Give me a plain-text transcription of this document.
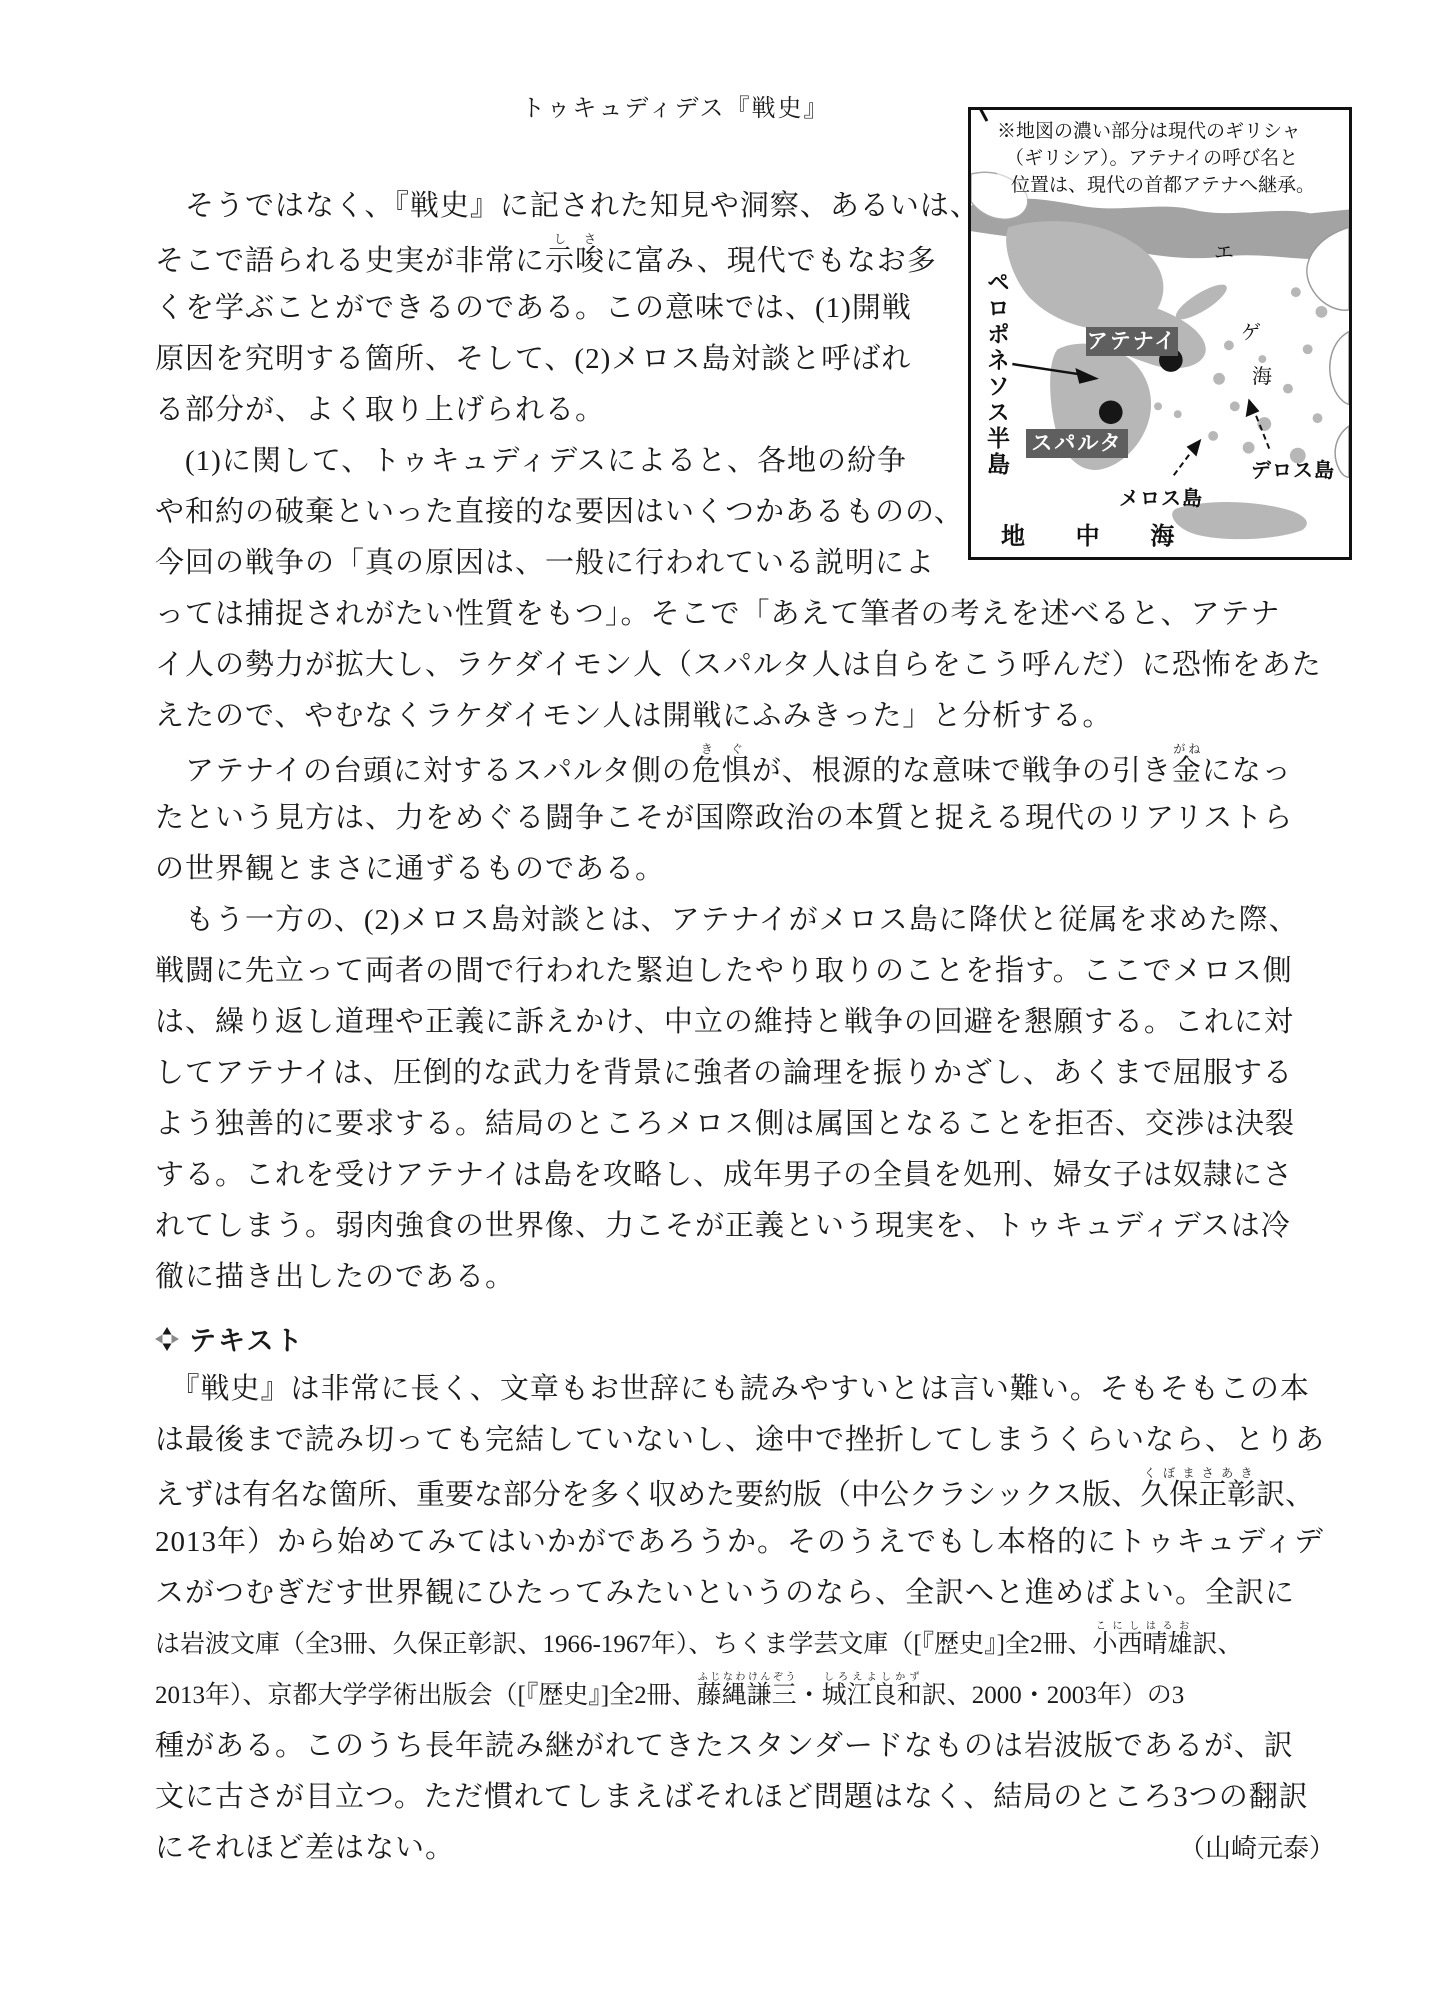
トゥキュディデス『戦史』
※地図の濃い部分は現代のギリシャ
（ギリシア）。アテナイの呼び名と
位置は、現代の首都アテナへ継承。
ペロポネソス半島	アテナイ
スパルタ
メロス島
デロス島
地 中 海
エ
ゲ
海
　そうではなく、『戦史』に記された知見や洞察、あるいは、
そこで語られる史実が非常に示唆しさに富み、現代でもなお多
くを学ぶことができるのである。この意味では、(1)開戦
原因を究明する箇所、そして、(2)メロス島対談と呼ばれ
る部分が、よく取り上げられる。
　(1)に関して、トゥキュディデスによると、各地の紛争
や和約の破棄といった直接的な要因はいくつかあるものの、
今回の戦争の「真の原因は、一般に行われている説明によ
っては捕捉されがたい性質をもつ」。そこで「あえて筆者の考えを述べると、アテナ
イ人の勢力が拡大し、ラケダイモン人（スパルタ人は自らをこう呼んだ）に恐怖をあた
えたので、やむなくラケダイモン人は開戦にふみきった」と分析する。
　アテナイの台頭に対するスパルタ側の危惧きぐが、根源的な意味で戦争の引き金がねになっ
たという見方は、力をめぐる闘争こそが国際政治の本質と捉える現代のリアリストら
の世界観とまさに通ずるものである。
　もう一方の、(2)メロス島対談とは、アテナイがメロス島に降伏と従属を求めた際、
戦闘に先立って両者の間で行われた緊迫したやり取りのことを指す。ここでメロス側
は、繰り返し道理や正義に訴えかけ、中立の維持と戦争の回避を懇願する。これに対
してアテナイは、圧倒的な武力を背景に強者の論理を振りかざし、あくまで屈服する
よう独善的に要求する。結局のところメロス側は属国となることを拒否、交渉は決裂
する。これを受けアテナイは島を攻略し、成年男子の全員を処刑、婦女子は奴隷にさ
れてしまう。弱肉強食の世界像、力こそが正義という現実を、トゥキュディデスは冷
徹に描き出したのである。
テキスト
　『戦史』は非常に長く、文章もお世辞にも読みやすいとは言い難い。そもそもこの本
は最後まで読み切っても完結していないし、途中で挫折してしまうくらいなら、とりあ
えずは有名な箇所、重要な部分を多く収めた要約版（中公クラシックス版、久保正彰くぼまさあき訳、
2013年）から始めてみてはいかがであろうか。そのうえでもし本格的にトゥキュディデ
スがつむぎだす世界観にひたってみたいというのなら、全訳へと進めばよい。全訳に
は岩波文庫（全3冊、久保正彰訳、1966-1967年）、ちくま学芸文庫（[『歴史』]全2冊、小西晴雄こにしはるお訳、
2013年）、京都大学学術出版会（[『歴史』]全2冊、藤縄謙三ふじなわけんぞう・城江良和しろえよしかず訳、2000・2003年）の3
種がある。このうち長年読み継がれてきたスタンダードなものは岩波版であるが、訳
文に古さが目立つ。ただ慣れてしまえばそれほど問題はなく、結局のところ3つの翻訳
にそれほど差はない。	（山崎元泰）
